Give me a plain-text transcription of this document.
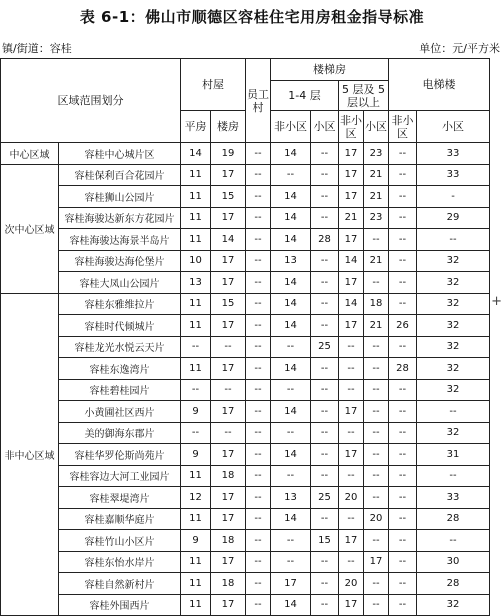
表 6-1：佛山市顺德区容桂住宅用房租金指导标准
镇/街道：容桂	单位：元/平方米
区域范围划分		村屋		员工村	楼梯房				电梯楼	
					1-4 层		5 层及 5 层以上			
		平房	楼房		非小区	小区	非小区	小区	非小区	小区
中心区域	容桂中心城片区	14	19	--	14	--	17	23	--	33
次中心区域	容桂保利百合花园片	11	17	--	--	--	17	21	--	33
	容桂狮山公园片	11	15	--	14	--	17	21	--	-
	容桂海骏达新东方花园片	11	17	--	14	--	21	23	--	29
	容桂海骏达海景半岛片	11	14	--	14	28	17	--	--	--
	容桂海骏达海伦堡片	10	17	--	13	--	14	21	--	32
	容桂大凤山公园片	13	17	--	14	--	17	--	--	32
非中心区域	容桂东雅维拉片	11	15	--	14	--	14	18	--	32
	容桂时代倾城片	11	17	--	14	--	17	21	26	32
	容桂龙光水悦云天片	--	--	--	--	25	--	--	--	32
	容桂东逸湾片	11	17	--	14	--	--	--	28	32
	容桂碧桂园片	--	--	--	--	--	--	--	--	32
	小黄圃社区西片	9	17	--	14	--	17	--	--	--
	美的御海东郡片	--	--	--	--	--	--	--	--	32
	容桂华罗伦斯尚苑片	9	17	--	14	--	17	--	--	31
	容桂容边大河工业园片	11	18	--	--	--	--	--	--	--
	容桂翠堤湾片	12	17	--	13	25	20	--	--	33
	容桂嘉顺华庭片	11	17	--	14	--	--	20	--	28
	容桂竹山小区片	9	18	--	--	15	17	--	--	--
	容桂东怡水岸片	11	17	--	--	--	--	17	--	30
	容桂自然新村片	11	18	--	17	--	20	--	--	28
	容桂外围西片	11	17	--	14	--	17	--	--	32
+
